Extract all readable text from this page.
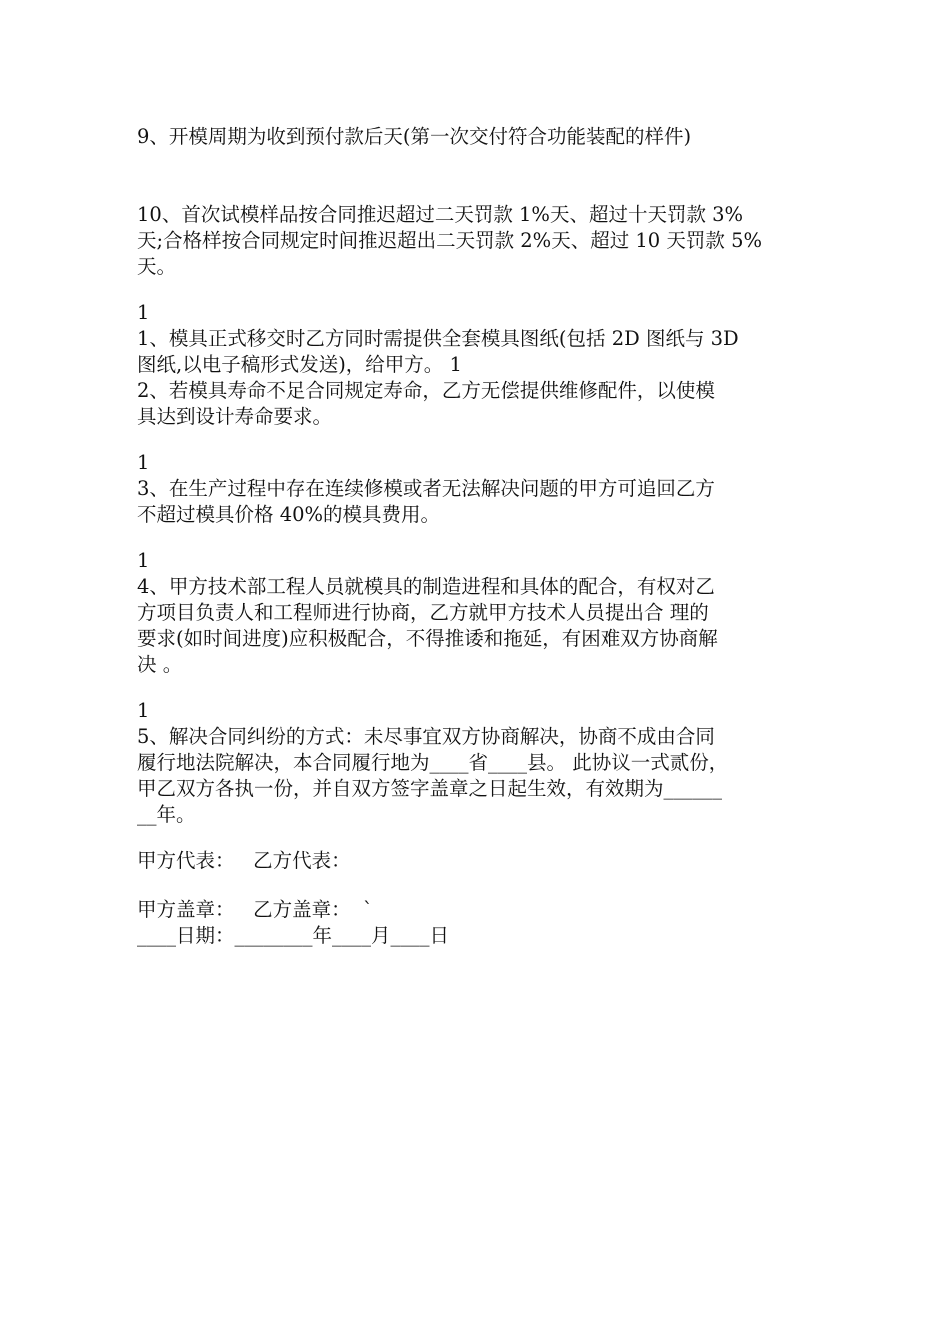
9、开模周期为收到预付款后天(第一次交付符合功能装配的样件)
10、首次试模样品按合同推迟超过二天罚款 1%天、超过十天罚款 3%
天;合格样按合同规定时间推迟超出二天罚款 2%天、超过 10 天罚款 5%
天。
1
1、模具正式移交时乙方同时需提供全套模具图纸(包括 2D 图纸与 3D
图纸,以电子稿形式发送)，给甲方。 1
2、若模具寿命不足合同规定寿命，乙方无偿提供维修配件，以使模
具达到设计寿命要求。
1
3、在生产过程中存在连续修模或者无法解决问题的甲方可追回乙方
不超过模具价格 40%的模具费用。
1
4、甲方技术部工程人员就模具的制造进程和具体的配合，有权对乙
方项目负责人和工程师进行协商，乙方就甲方技术人员提出合 理的
要求(如时间进度)应积极配合，不得推诿和拖延，有困难双方协商解
决 。
1
5、解决合同纠纷的方式：未尽事宜双方协商解决，协商不成由合同
履行地法院解决，本合同履行地为____省____县。 此协议一式贰份，
甲乙双方各执一份，并自双方签字盖章之日起生效，有效期为______
__年。
甲方代表：   乙方代表：
甲方盖章：   乙方盖章：  `
____日期：________年____月____日
